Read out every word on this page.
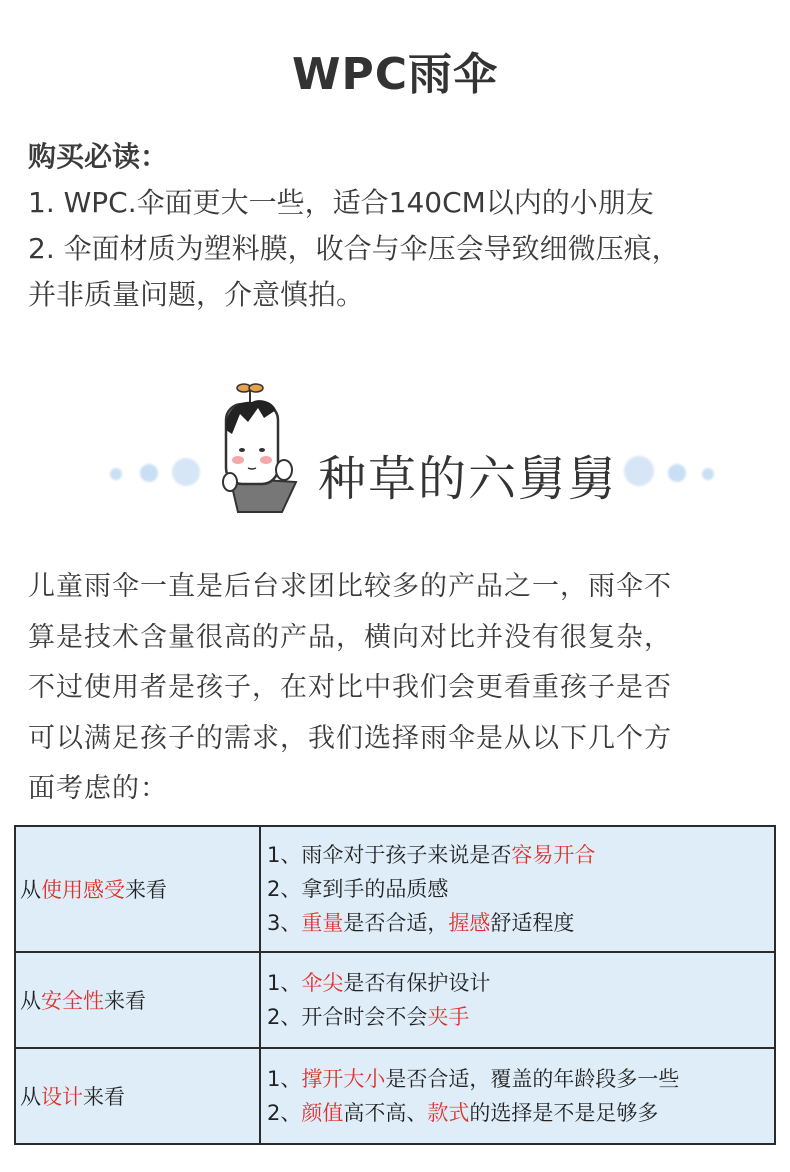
WPC雨伞

购买必读：

1. WPC.伞面更大一些，适合140CM以内的小朋友

2. 伞面材质为塑料膜，收合与伞压会导致细微压痕，

并非质量问题，介意慎拍。

种草的六舅舅
儿童雨伞一直是后台求团比较多的产品之一，雨伞不
算是技术含量很高的产品，横向对比并没有很复杂，
不过使用者是孩子，在对比中我们会更看重孩子是否
可以满足孩子的需求，我们选择雨伞是从以下几个方
面考虑的：
从使用感受来看	1、雨伞对于孩子来说是否容易开合
2、拿到手的品质感
3、重量是否合适，握感舒适程度

从安全性来看	1、伞尖是否有保护设计
2、开合时会不会夹手

从设计来看	1、撑开大小是否合适，覆盖的年龄段多一些
2、颜值高不高、款式的选择是不是足够多
